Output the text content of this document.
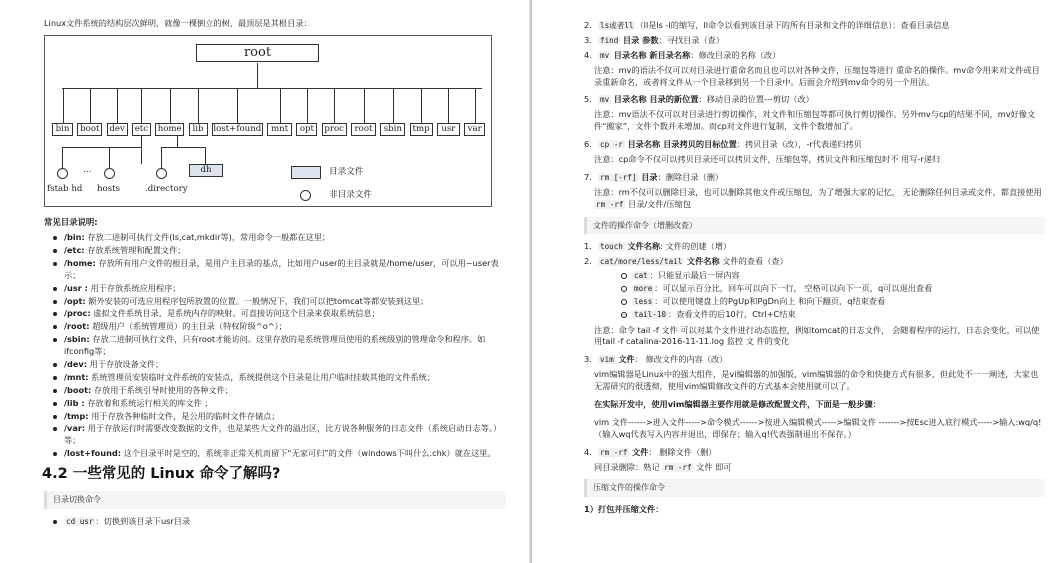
Linux文件系统的结构层次鲜明，就像一棵倒立的树，最顶层是其根目录：

root
…
fstab hd hosts
dh
.directory
目录文件
非目录文件
bin	boot	dev	etc	home	lib	lost+found	mnt	opt	proc	root	sbin	tmp	usr	var
常见目录说明:
/bin: 存放二进制可执行文件(ls,cat,mkdir等)，常用命令一般都在这里；
/etc: 存放系统管理和配置文件；
/home: 存放所有用户文件的根目录，是用户主目录的基点，比如用户user的主目录就是/home/user，可以用~user表示；
/usr : 用于存放系统应用程序；
/opt: 额外安装的可选应用程序包所放置的位置。一般情况下，我们可以把tomcat等都安装到这里；
/proc: 虚拟文件系统目录，是系统内存的映射。可直接访问这个目录来获取系统信息；
/root: 超级用户（系统管理员）的主目录（特权阶级^o^）；
/sbin: 存放二进制可执行文件，只有root才能访问。这里存放的是系统管理员使用的系统级别的管理命令和程序。如ifconfig等；
/dev: 用于存放设备文件；
/mnt: 系统管理员安装临时文件系统的安装点，系统提供这个目录是让用户临时挂载其他的文件系统；
/boot: 存放用于系统引导时使用的各种文件；
/lib : 存放着和系统运行相关的库文件 ；
/tmp: 用于存放各种临时文件，是公用的临时文件存储点；
/var: 用于存放运行时需要改变数据的文件，也是某些大文件的溢出区，比方说各种服务的日志文件（系统启动日志等。）等；
/lost+found: 这个目录平时是空的，系统非正常关机而留下“无家可归”的文件（windows下叫什么.chk）就在这里。
4.2 一些常见的 Linux 命令了解吗?
目录切换命令
cd usr ：切换到该目录下usr目录
2. ls或者ll （ll是ls -l的缩写，ll命令以看到该目录下的所有目录和文件的详细信息）：查看目录信息
3. find 目录 参数：寻找目录（查）
4. mv 目录名称 新目录名称：修改目录的名称（改）

注意：mv的语法不仅可以对目录进行重命名而且也可以对各种文件，压缩包等进行 重命名的操作。mv命令用来对文件或目录重新命名，或者将文件从一个目录移到另一个目录中。后面会介绍到mv命令的另一个用法。

5. mv 目录名称 目录的新位置：移动目录的位置---剪切（改）

注意：mv语法不仅可以对目录进行剪切操作，对文件和压缩包等都可执行剪切操作。另外mv与cp的结果不同，mv好像文件“搬家”，文件个数并未增加。而cp对文件进行复制，文件个数增加了。

6. cp -r 目录名称 目录拷贝的目标位置：拷贝目录（改），-r代表递归拷贝

注意：cp命令不仅可以拷贝目录还可以拷贝文件，压缩包等，拷贝文件和压缩包时不 用写-r递归

7. rm [-rf] 目录：删除目录（删）

注意：rm不仅可以删除目录，也可以删除其他文件或压缩包，为了增强大家的记忆， 无论删除任何目录或文件，都直接使用 rm -rf 目录/文件/压缩包

文件的操作命令（增删改查）
1. touch 文件名称: 文件的创建（增）
2. cat/more/less/tail 文件名称 文件的查看（查）
cat ：只能显示最后一屏内容
more ：可以显示百分比，回车可以向下一行， 空格可以向下一页，q可以退出查看
less ：可以使用键盘上的PgUp和PgDn向上 和向下翻页，q结束查看
tail-10 ：查看文件的后10行，Ctrl+C结束

注意：命令 tail -f 文件 可以对某个文件进行动态监控，例如tomcat的日志文件， 会随着程序的运行，日志会变化，可以使用tail -f catalina-2016-11-11.log 监控 文 件的变化

3. vim 文件： 修改文件的内容（改）

vim编辑器是Linux中的强大组件，是vi编辑器的加强版，vim编辑器的命令和快捷方式有很多，但此处不一一阐述，大家也无需研究的很透彻，使用vim编辑修改文件的方式基本会使用就可以了。

在实际开发中，使用vim编辑器主要作用就是修改配置文件，下面是一般步骤：

vim 文件------>进入文件----->命令模式------>按进入编辑模式----->编辑文件 ------->按Esc进入底行模式----->输入:wq/q! （输入wq代表写入内容并退出，即保存；输入q!代表强制退出不保存。）

4. rm -rf 文件： 删除文件（删）

同目录删除：熟记 rm -rf 文件 即可

压缩文件的操作命令

1）打包并压缩文件：
